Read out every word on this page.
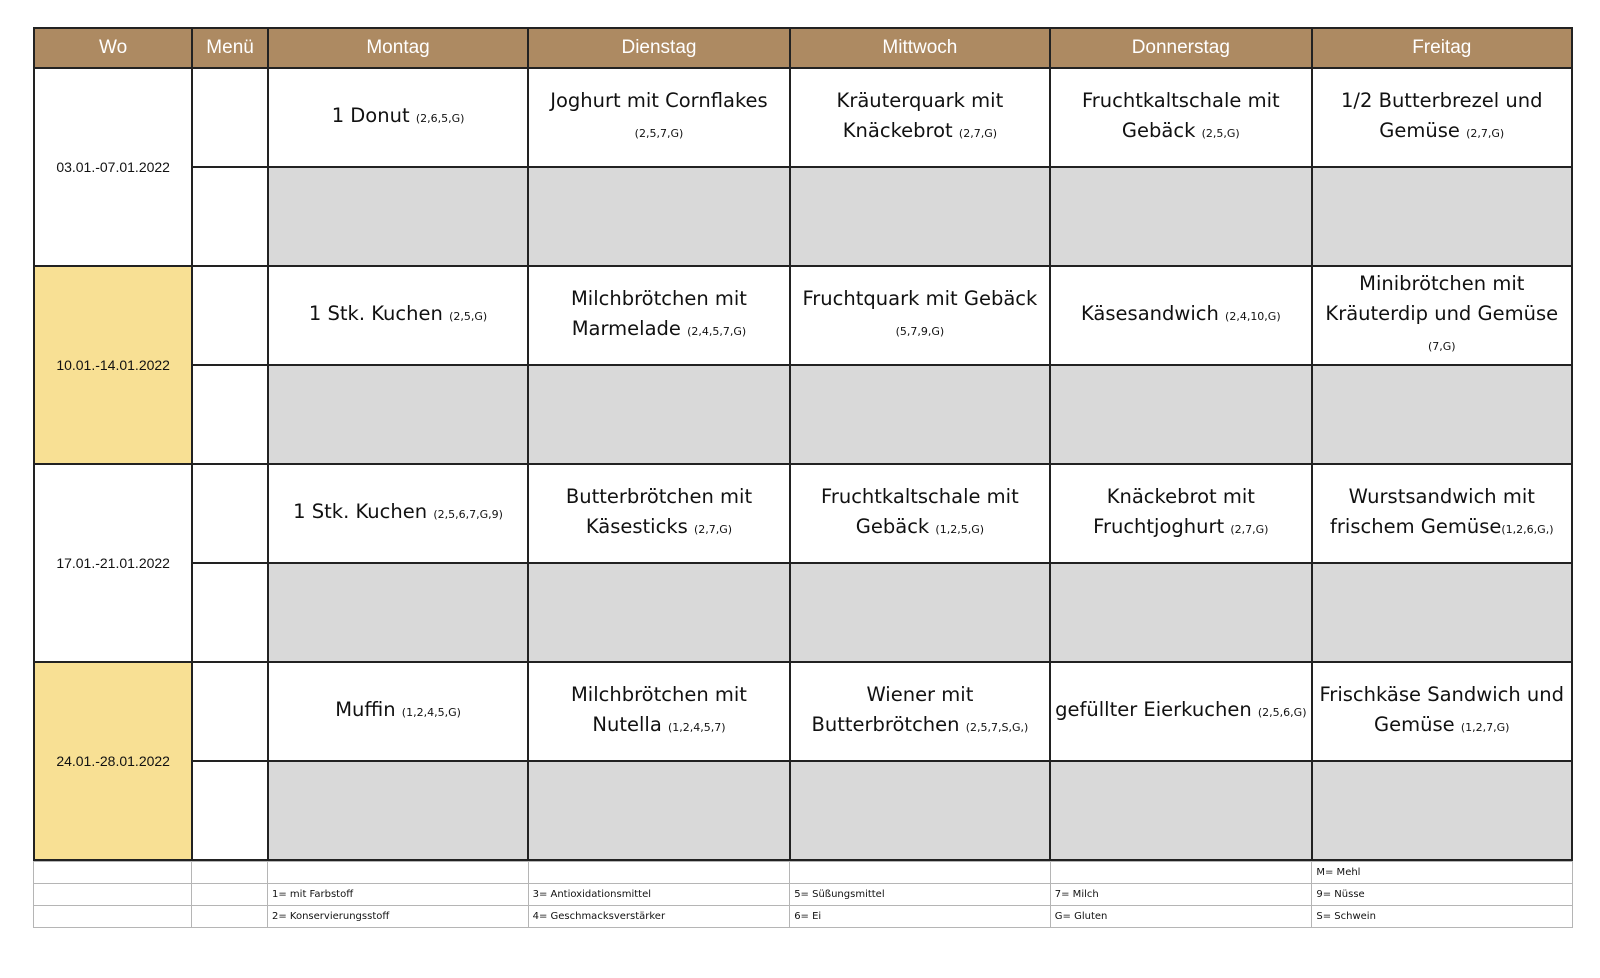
Wo	Menü	Montag	Dienstag	Mittwoch	Donnerstag	Freitag
03.01.-07.01.2022		1 Donut (2,6,5,G)	Joghurt mit Cornflakes
(2,5,7,G)	Kräuterquark mit Knäckebrot (2,7,G)	Fruchtkaltschale mit Gebäck (2,5,G)	1/2 Butterbrezel und Gemüse (2,7,G)

10.01.-14.01.2022		1 Stk. Kuchen (2,5,G)	Milchbrötchen mit Marmelade (2,4,5,7,G)	Fruchtquark mit Gebäck
(5,7,9,G)	Käsesandwich (2,4,10,G)	Minibrötchen mit Kräuterdip und Gemüse
(7,G)

17.01.-21.01.2022		1 Stk. Kuchen (2,5,6,7,G,9)	Butterbrötchen mit Käsesticks (2,7,G)	Fruchtkaltschale mit Gebäck (1,2,5,G)	Knäckebrot mit Fruchtjoghurt (2,7,G)	Wurstsandwich mit frischem Gemüse(1,2,6,G,)

24.01.-28.01.2022		Muffin (1,2,4,5,G)	Milchbrötchen mit Nutella (1,2,4,5,7)	Wiener mit Butterbrötchen (2,5,7,S,G,)	gefüllter Eierkuchen (2,5,6,G)	Frischkäse Sandwich und Gemüse (1,2,7,G)

						M= Mehl
		1= mit Farbstoff	3= Antioxidationsmittel	5= Süßungsmittel	7= Milch	9= Nüsse
		2= Konservierungsstoff	4= Geschmacksverstärker	6= Ei	G= Gluten	S= Schwein
